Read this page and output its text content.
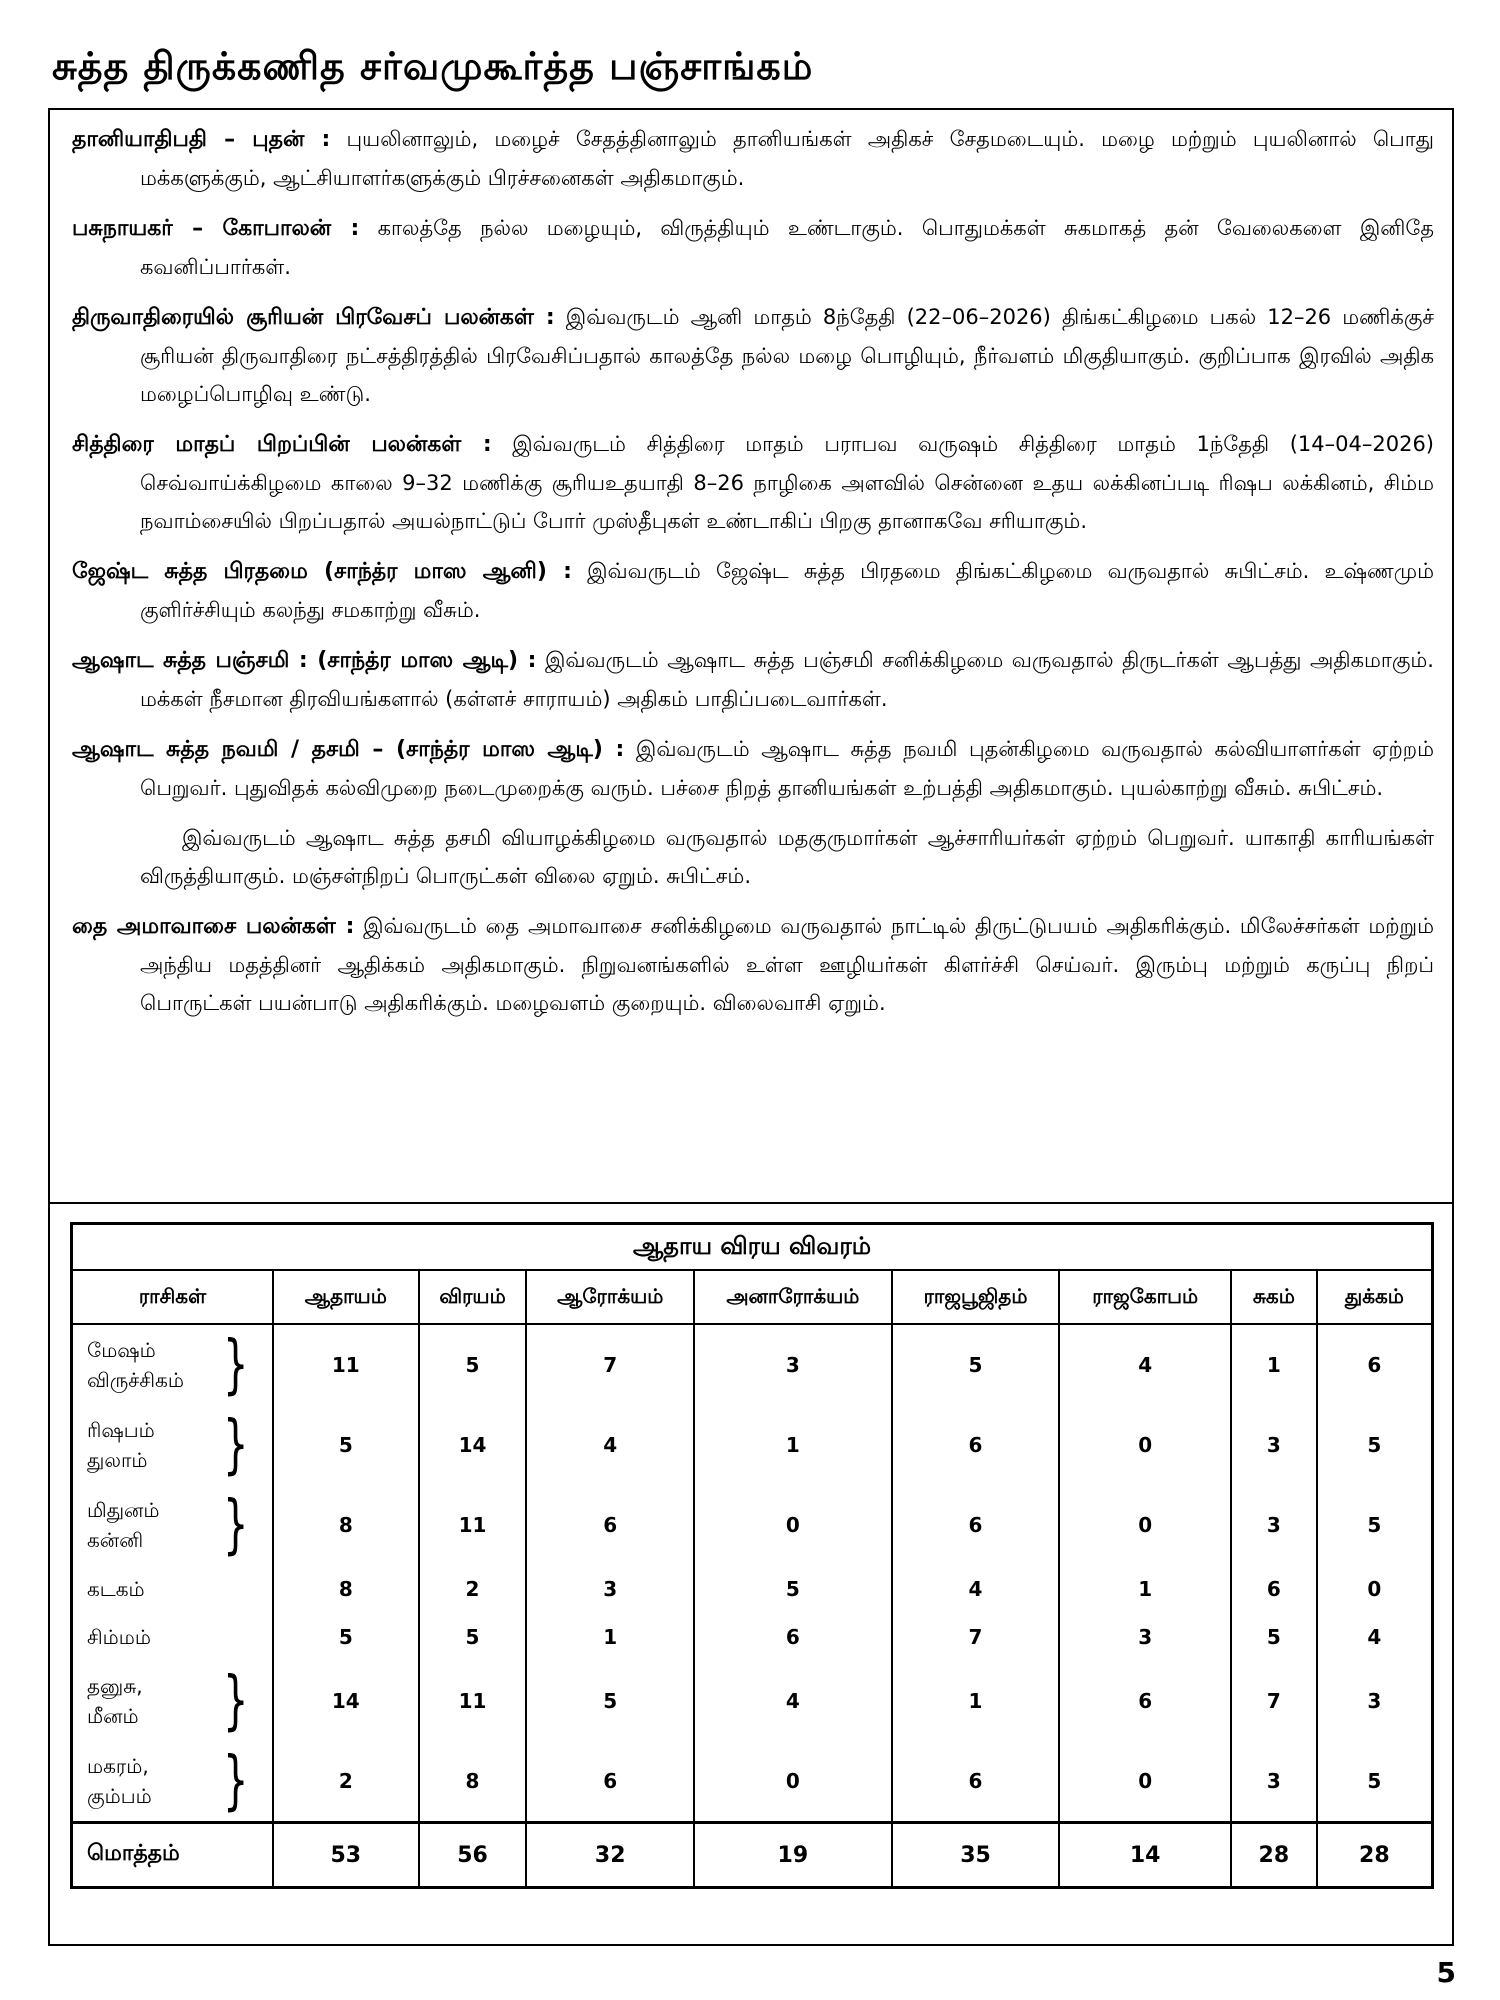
சுத்த திருக்கணித சர்வமுகூர்த்த பஞ்சாங்கம்

தானியாதிபதி – புதன் : புயலினாலும், மழைச் சேதத்தினாலும் தானியங்கள் அதிகச் சேதமடையும். மழை மற்றும் புயலினால் பொது மக்களுக்கும், ஆட்சியாளர்களுக்கும் பிரச்சனைகள் அதிகமாகும்.

பசுநாயகர் – கோபாலன் : காலத்தே நல்ல மழையும், விருத்தியும் உண்டாகும். பொதுமக்கள் சுகமாகத் தன் வேலைகளை இனிதே கவனிப்பார்கள்.

திருவாதிரையில் சூரியன் பிரவேசப் பலன்கள் : இவ்வருடம் ஆனி மாதம் 8ந்தேதி (22–06–2026) திங்கட்கிழமை பகல் 12–26 மணிக்குச் சூரியன் திருவாதிரை நட்சத்திரத்தில் பிரவேசிப்பதால் காலத்தே நல்ல மழை பொழியும், நீர்வளம் மிகுதியாகும். குறிப்பாக இரவில் அதிக மழைப்பொழிவு உண்டு.

சித்திரை மாதப் பிறப்பின் பலன்கள் : இவ்வருடம் சித்திரை மாதம் பராபவ வருஷம் சித்திரை மாதம் 1ந்தேதி (14–04–2026) செவ்வாய்க்கிழமை காலை 9–32 மணிக்கு சூரியஉதயாதி 8–26 நாழிகை அளவில் சென்னை உதய லக்கினப்படி ரிஷப லக்கினம், சிம்ம நவாம்சையில் பிறப்பதால் அயல்நாட்டுப் போர் முஸ்தீபுகள் உண்டாகிப் பிறகு தானாகவே சரியாகும்.

ஜேஷ்ட சுத்த பிரதமை (சாந்த்ர மாஸ ஆனி) : இவ்வருடம் ஜேஷ்ட சுத்த பிரதமை திங்கட்கிழமை வருவதால் சுபிட்சம். உஷ்ணமும் குளிர்ச்சியும் கலந்து சமகாற்று வீசும்.

ஆஷாட சுத்த பஞ்சமி : (சாந்த்ர மாஸ ஆடி) : இவ்வருடம் ஆஷாட சுத்த பஞ்சமி சனிக்கிழமை வருவதால் திருடர்கள் ஆபத்து அதிகமாகும். மக்கள் நீசமான திரவியங்களால் (கள்ளச் சாராயம்) அதிகம் பாதிப்படைவார்கள்.

ஆஷாட சுத்த நவமி / தசமி – (சாந்த்ர மாஸ ஆடி) : இவ்வருடம் ஆஷாட சுத்த நவமி புதன்கிழமை வருவதால் கல்வியாளர்கள் ஏற்றம் பெறுவர். புதுவிதக் கல்விமுறை நடைமுறைக்கு வரும். பச்சை நிறத் தானியங்கள் உற்பத்தி அதிகமாகும். புயல்காற்று வீசும். சுபிட்சம்.

இவ்வருடம் ஆஷாட சுத்த தசமி வியாழக்கிழமை வருவதால் மதகுருமார்கள் ஆச்சாரியர்கள் ஏற்றம் பெறுவர். யாகாதி காரியங்கள் விருத்தியாகும். மஞ்சள்நிறப் பொருட்கள் விலை ஏறும். சுபிட்சம்.

தை அமாவாசை பலன்கள் : இவ்வருடம் தை அமாவாசை சனிக்கிழமை வருவதால் நாட்டில் திருட்டுபயம் அதிகரிக்கும். மிலேச்சர்கள் மற்றும் அந்திய மதத்தினர் ஆதிக்கம் அதிகமாகும். நிறுவனங்களில் உள்ள ஊழியர்கள் கிளர்ச்சி செய்வர். இரும்பு மற்றும் கருப்பு நிறப் பொருட்கள் பயன்பாடு அதிகரிக்கும். மழைவளம் குறையும். விலைவாசி ஏறும்.

ஆதாய விரய விவரம்								
ராசிகள்	ஆதாயம்	விரயம்	ஆரோக்யம்	அனாரோக்யம்	ராஜபூஜிதம்	ராஜகோபம்	சுகம்	துக்கம்

மேஷம்
விருச்சிகம் }	11	5	7	3	5	4	1	6

ரிஷபம்
துலாம் }	5	14	4	1	6	0	3	5

மிதுனம்
கன்னி }	8	11	6	0	6	0	3	5

கடகம்	8	2	3	5	4	1	6	0

சிம்மம்	5	5	1	6	7	3	5	4

தனுசு,
மீனம் }	14	11	5	4	1	6	7	3

மகரம்,
கும்பம் }	2	8	6	0	6	0	3	5
மொத்தம்	53	56	32	19	35	14	28	28
5
